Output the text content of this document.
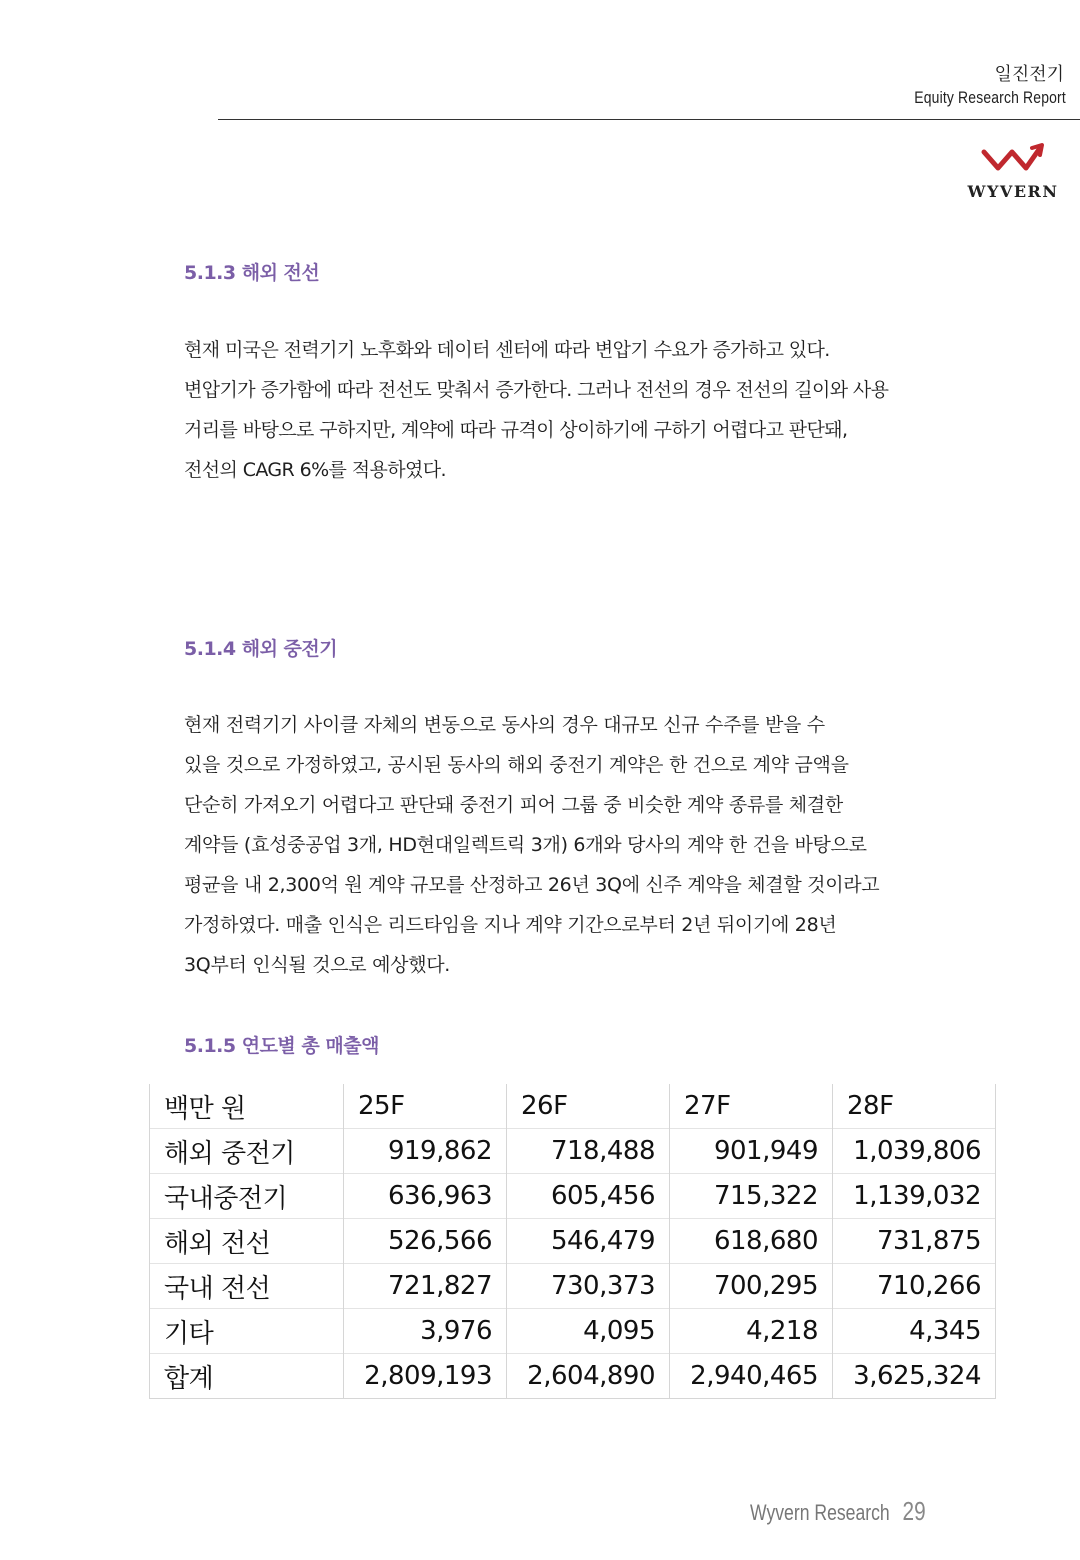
일진전기
Equity Research Report
WYVERN
5.1.3 해외 전선

현재 미국은 전력기기 노후화와 데이터 센터에 따라 변압기 수요가 증가하고 있다.
변압기가 증가함에 따라 전선도 맞춰서 증가한다. 그러나 전선의 경우 전선의 길이와 사용
거리를 바탕으로 구하지만, 계약에 따라 규격이 상이하기에 구하기 어렵다고 판단돼,
전선의 CAGR 6%를 적용하였다.

5.1.4 해외 중전기

현재 전력기기 사이클 자체의 변동으로 동사의 경우 대규모 신규 수주를 받을 수
있을 것으로 가정하였고, 공시된 동사의 해외 중전기 계약은 한 건으로 계약 금액을
단순히 가져오기 어렵다고 판단돼 중전기 피어 그룹 중 비슷한 계약 종류를 체결한
계약들 (효성중공업 3개, HD현대일렉트릭 3개) 6개와 당사의 계약 한 건을 바탕으로
평균을 내 2,300억 원 계약 규모를 산정하고 26년 3Q에 신주 계약을 체결할 것이라고
가정하였다. 매출 인식은 리드타임을 지나 계약 기간으로부터 2년 뒤이기에 28년
3Q부터 인식될 것으로 예상했다.

5.1.5 연도별 총 매출액
백만 원	25F	26F	27F	28F
해외 중전기	919,862	718,488	901,949	1,039,806
국내중전기	636,963	605,456	715,322	1,139,032
해외 전선	526,566	546,479	618,680	731,875
국내 전선	721,827	730,373	700,295	710,266
기타	3,976	4,095	4,218	4,345
합계	2,809,193	2,604,890	2,940,465	3,625,324
Wyvern Research 29
